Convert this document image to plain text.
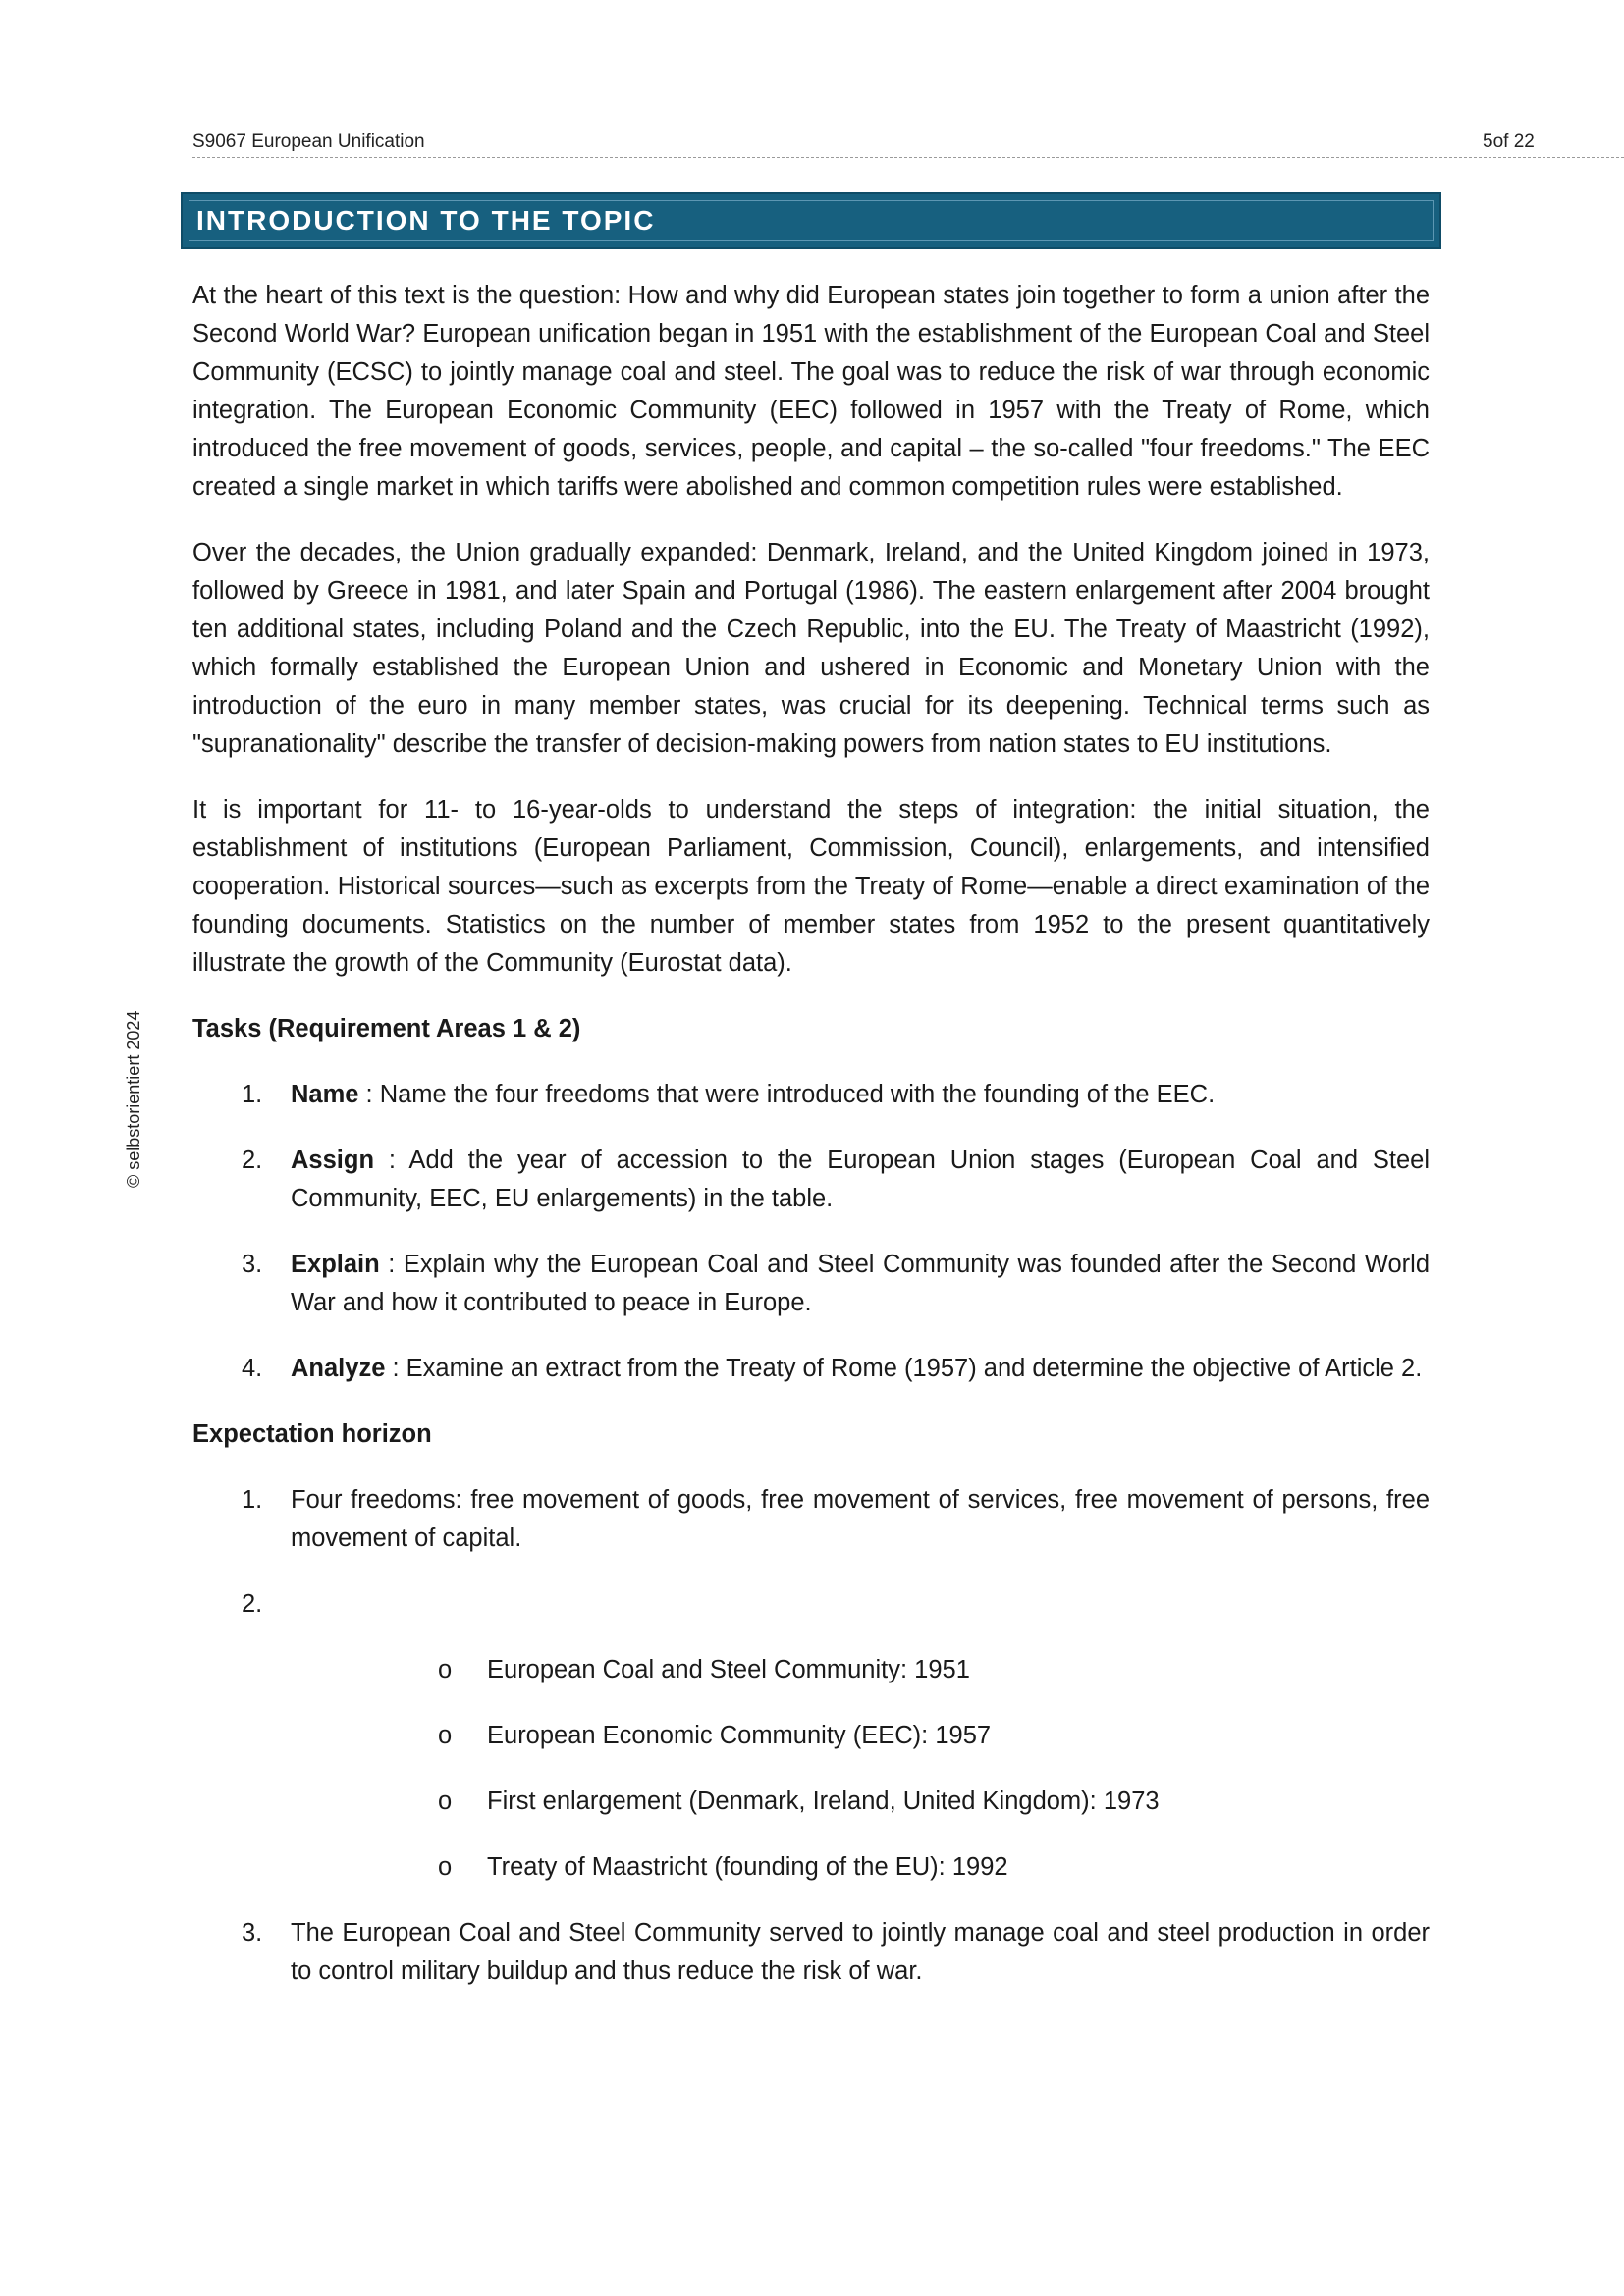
S9067 European Unification	5of 22
© selbstorientiert 2024
INTRODUCTION TO THE TOPIC

At the heart of this text is the question: How and why did European states join together to form a union after the Second World War? European unification began in 1951 with the establishment of the European Coal and Steel Community (ECSC) to jointly manage coal and steel. The goal was to reduce the risk of war through economic integration. The European Economic Community (EEC) followed in 1957 with the Treaty of Rome, which introduced the free movement of goods, services, people, and capital – the so-called "four freedoms." The EEC created a single market in which tariffs were abolished and common competition rules were established.

Over the decades, the Union gradually expanded: Denmark, Ireland, and the United Kingdom joined in 1973, followed by Greece in 1981, and later Spain and Portugal (1986). The eastern enlargement after 2004 brought ten additional states, including Poland and the Czech Republic, into the EU. The Treaty of Maastricht (1992), which formally established the European Union and ushered in Economic and Monetary Union with the introduction of the euro in many member states, was crucial for its deepening. Technical terms such as "supranationality" describe the transfer of decision-making powers from nation states to EU institutions.

It is important for 11- to 16-year-olds to understand the steps of integration: the initial situation, the establishment of institutions (European Parliament, Commission, Council), enlargements, and intensified cooperation. Historical sources—such as excerpts from the Treaty of Rome—enable a direct examination of the founding documents. Statistics on the number of member states from 1952 to the present quantitatively illustrate the growth of the Community (Eurostat data).

Tasks (Requirement Areas 1 & 2)
1. Name : Name the four freedoms that were introduced with the founding of the EEC.
2. Assign : Add the year of accession to the European Union stages (European Coal and Steel Community, EEC, EU enlargements) in the table.
3. Explain : Explain why the European Coal and Steel Community was founded after the Second World War and how it contributed to peace in Europe.
4. Analyze : Examine an extract from the Treaty of Rome (1957) and determine the objective of Article 2.
Expectation horizon
1. Four freedoms: free movement of goods, free movement of services, free movement of persons, free movement of capital.
2.
o European Coal and Steel Community: 1951
o European Economic Community (EEC): 1957
o First enlargement (Denmark, Ireland, United Kingdom): 1973
o Treaty of Maastricht (founding of the EU): 1992
3. The European Coal and Steel Community served to jointly manage coal and steel production in order to control military buildup and thus reduce the risk of war.
